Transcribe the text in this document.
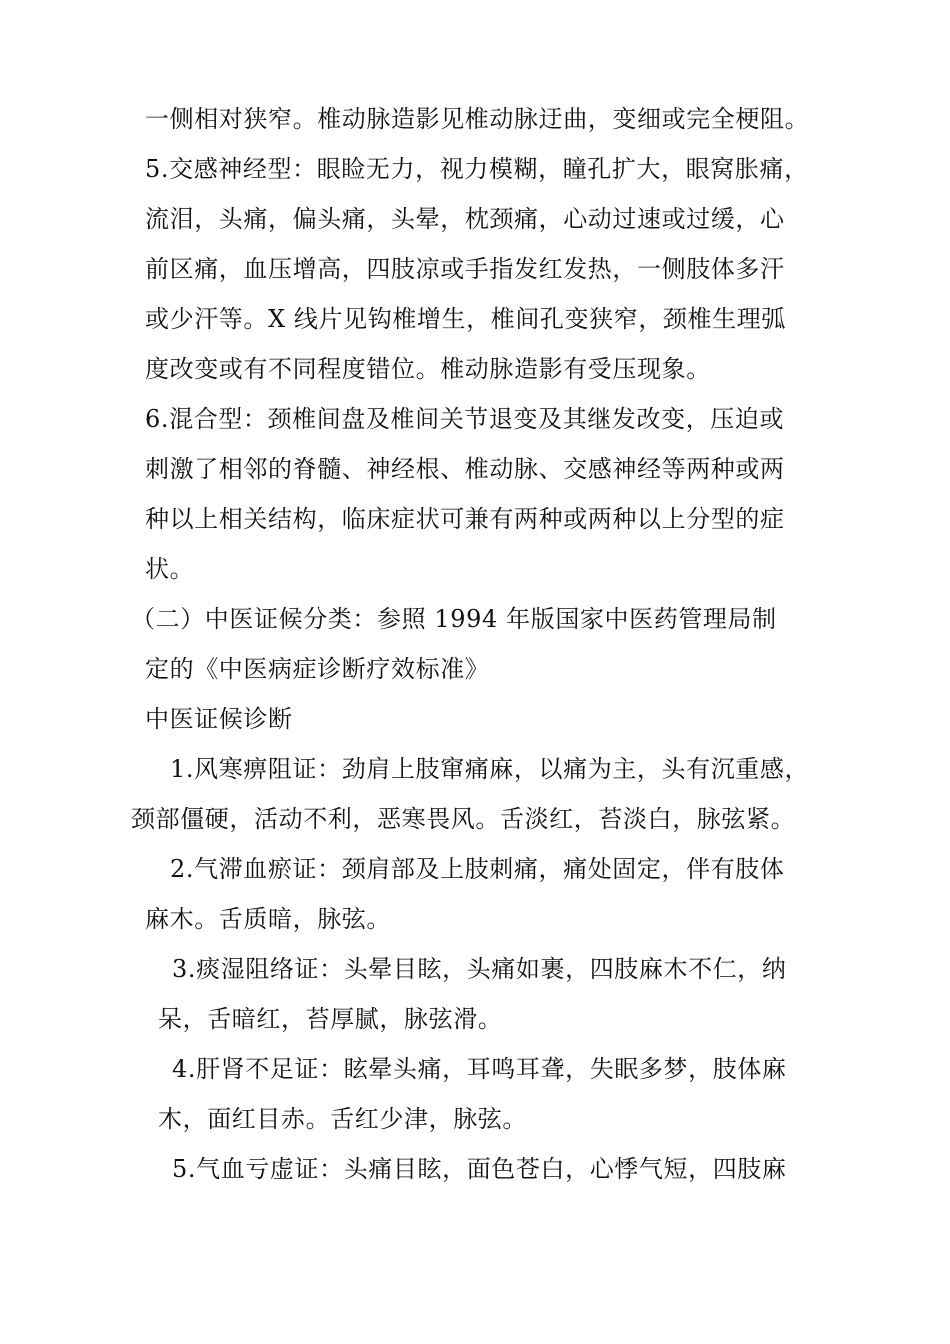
一侧相对狭窄。椎动脉造影见椎动脉迂曲，变细或完全梗阻。
5.交感神经型：眼睑无力，视力模糊，瞳孔扩大，眼窝胀痛，
流泪，头痛，偏头痛，头晕，枕颈痛，心动过速或过缓，心
前区痛，血压增高，四肢凉或手指发红发热，一侧肢体多汗
或少汗等。X 线片见钩椎增生，椎间孔变狭窄，颈椎生理弧
度改变或有不同程度错位。椎动脉造影有受压现象。
6.混合型：颈椎间盘及椎间关节退变及其继发改变，压迫或
刺激了相邻的脊髓、神经根、椎动脉、交感神经等两种或两
种以上相关结构，临床症状可兼有两种或两种以上分型的症
状。
（二）中医证候分类：参照 1994 年版国家中医药管理局制
定的《中医病症诊断疗效标准》
中医证候诊断
1.风寒痹阻证：劲肩上肢窜痛麻，以痛为主，头有沉重感，
颈部僵硬，活动不利，恶寒畏风。舌淡红，苔淡白，脉弦紧。
2.气滞血瘀证：颈肩部及上肢刺痛，痛处固定，伴有肢体
麻木。舌质暗，脉弦。
3.痰湿阻络证：头晕目眩，头痛如裹，四肢麻木不仁，纳
呆，舌暗红，苔厚腻，脉弦滑。
4.肝肾不足证：眩晕头痛，耳鸣耳聋，失眠多梦，肢体麻
木，面红目赤。舌红少津，脉弦。
5.气血亏虚证：头痛目眩，面色苍白，心悸气短，四肢麻
